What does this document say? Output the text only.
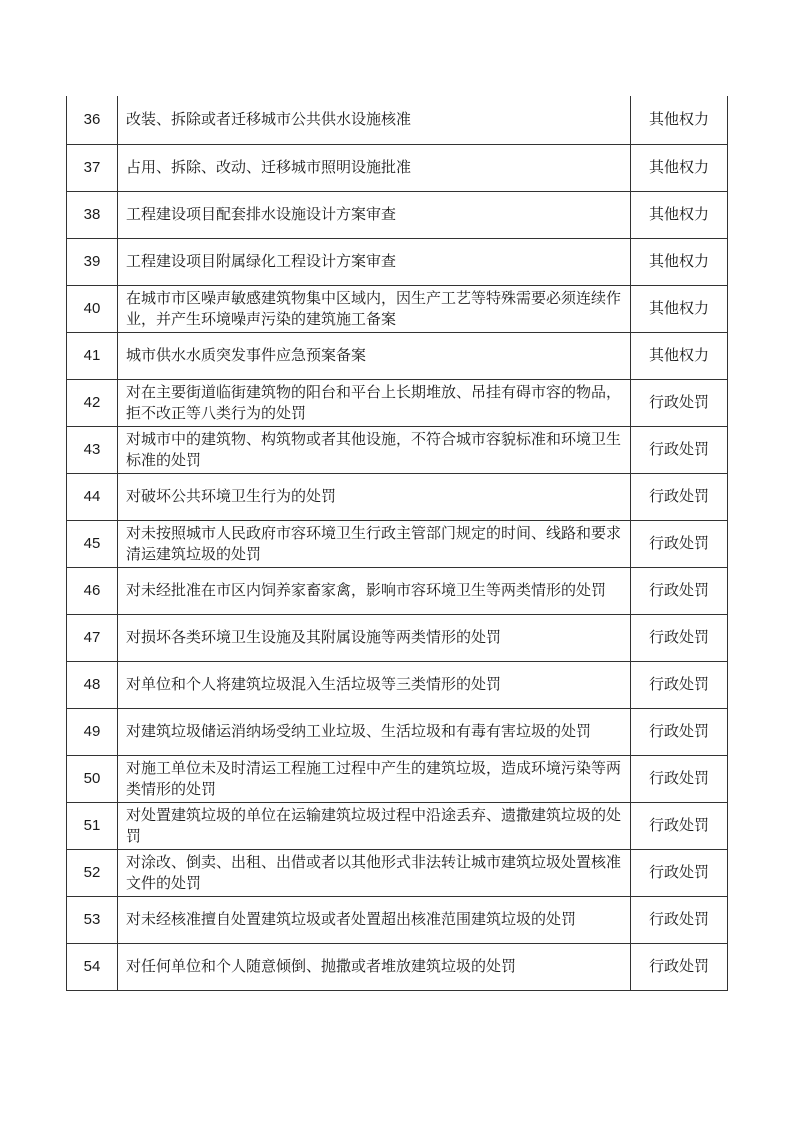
36	改装、拆除或者迁移城市公共供水设施核准	其他权力
37	占用、拆除、改动、迁移城市照明设施批准	其他权力
38	工程建设项目配套排水设施设计方案审查	其他权力
39	工程建设项目附属绿化工程设计方案审查	其他权力
40	在城市市区噪声敏感建筑物集中区域内，因生产工艺等特殊需要必须连续作业，并产生环境噪声污染的建筑施工备案	其他权力
41	城市供水水质突发事件应急预案备案	其他权力
42	对在主要街道临街建筑物的阳台和平台上长期堆放、吊挂有碍市容的物品，拒不改正等八类行为的处罚	行政处罚
43	对城市中的建筑物、构筑物或者其他设施，不符合城市容貌标准和环境卫生标准的处罚	行政处罚
44	对破坏公共环境卫生行为的处罚	行政处罚
45	对未按照城市人民政府市容环境卫生行政主管部门规定的时间、线路和要求清运建筑垃圾的处罚	行政处罚
46	对未经批准在市区内饲养家畜家禽，影响市容环境卫生等两类情形的处罚	行政处罚
47	对损坏各类环境卫生设施及其附属设施等两类情形的处罚	行政处罚
48	对单位和个人将建筑垃圾混入生活垃圾等三类情形的处罚	行政处罚
49	对建筑垃圾储运消纳场受纳工业垃圾、生活垃圾和有毒有害垃圾的处罚	行政处罚
50	对施工单位未及时清运工程施工过程中产生的建筑垃圾，造成环境污染等两类情形的处罚	行政处罚
51	对处置建筑垃圾的单位在运输建筑垃圾过程中沿途丢弃、遗撒建筑垃圾的处罚	行政处罚
52	对涂改、倒卖、出租、出借或者以其他形式非法转让城市建筑垃圾处置核准文件的处罚	行政处罚
53	对未经核准擅自处置建筑垃圾或者处置超出核准范围建筑垃圾的处罚	行政处罚
54	对任何单位和个人随意倾倒、抛撒或者堆放建筑垃圾的处罚	行政处罚
